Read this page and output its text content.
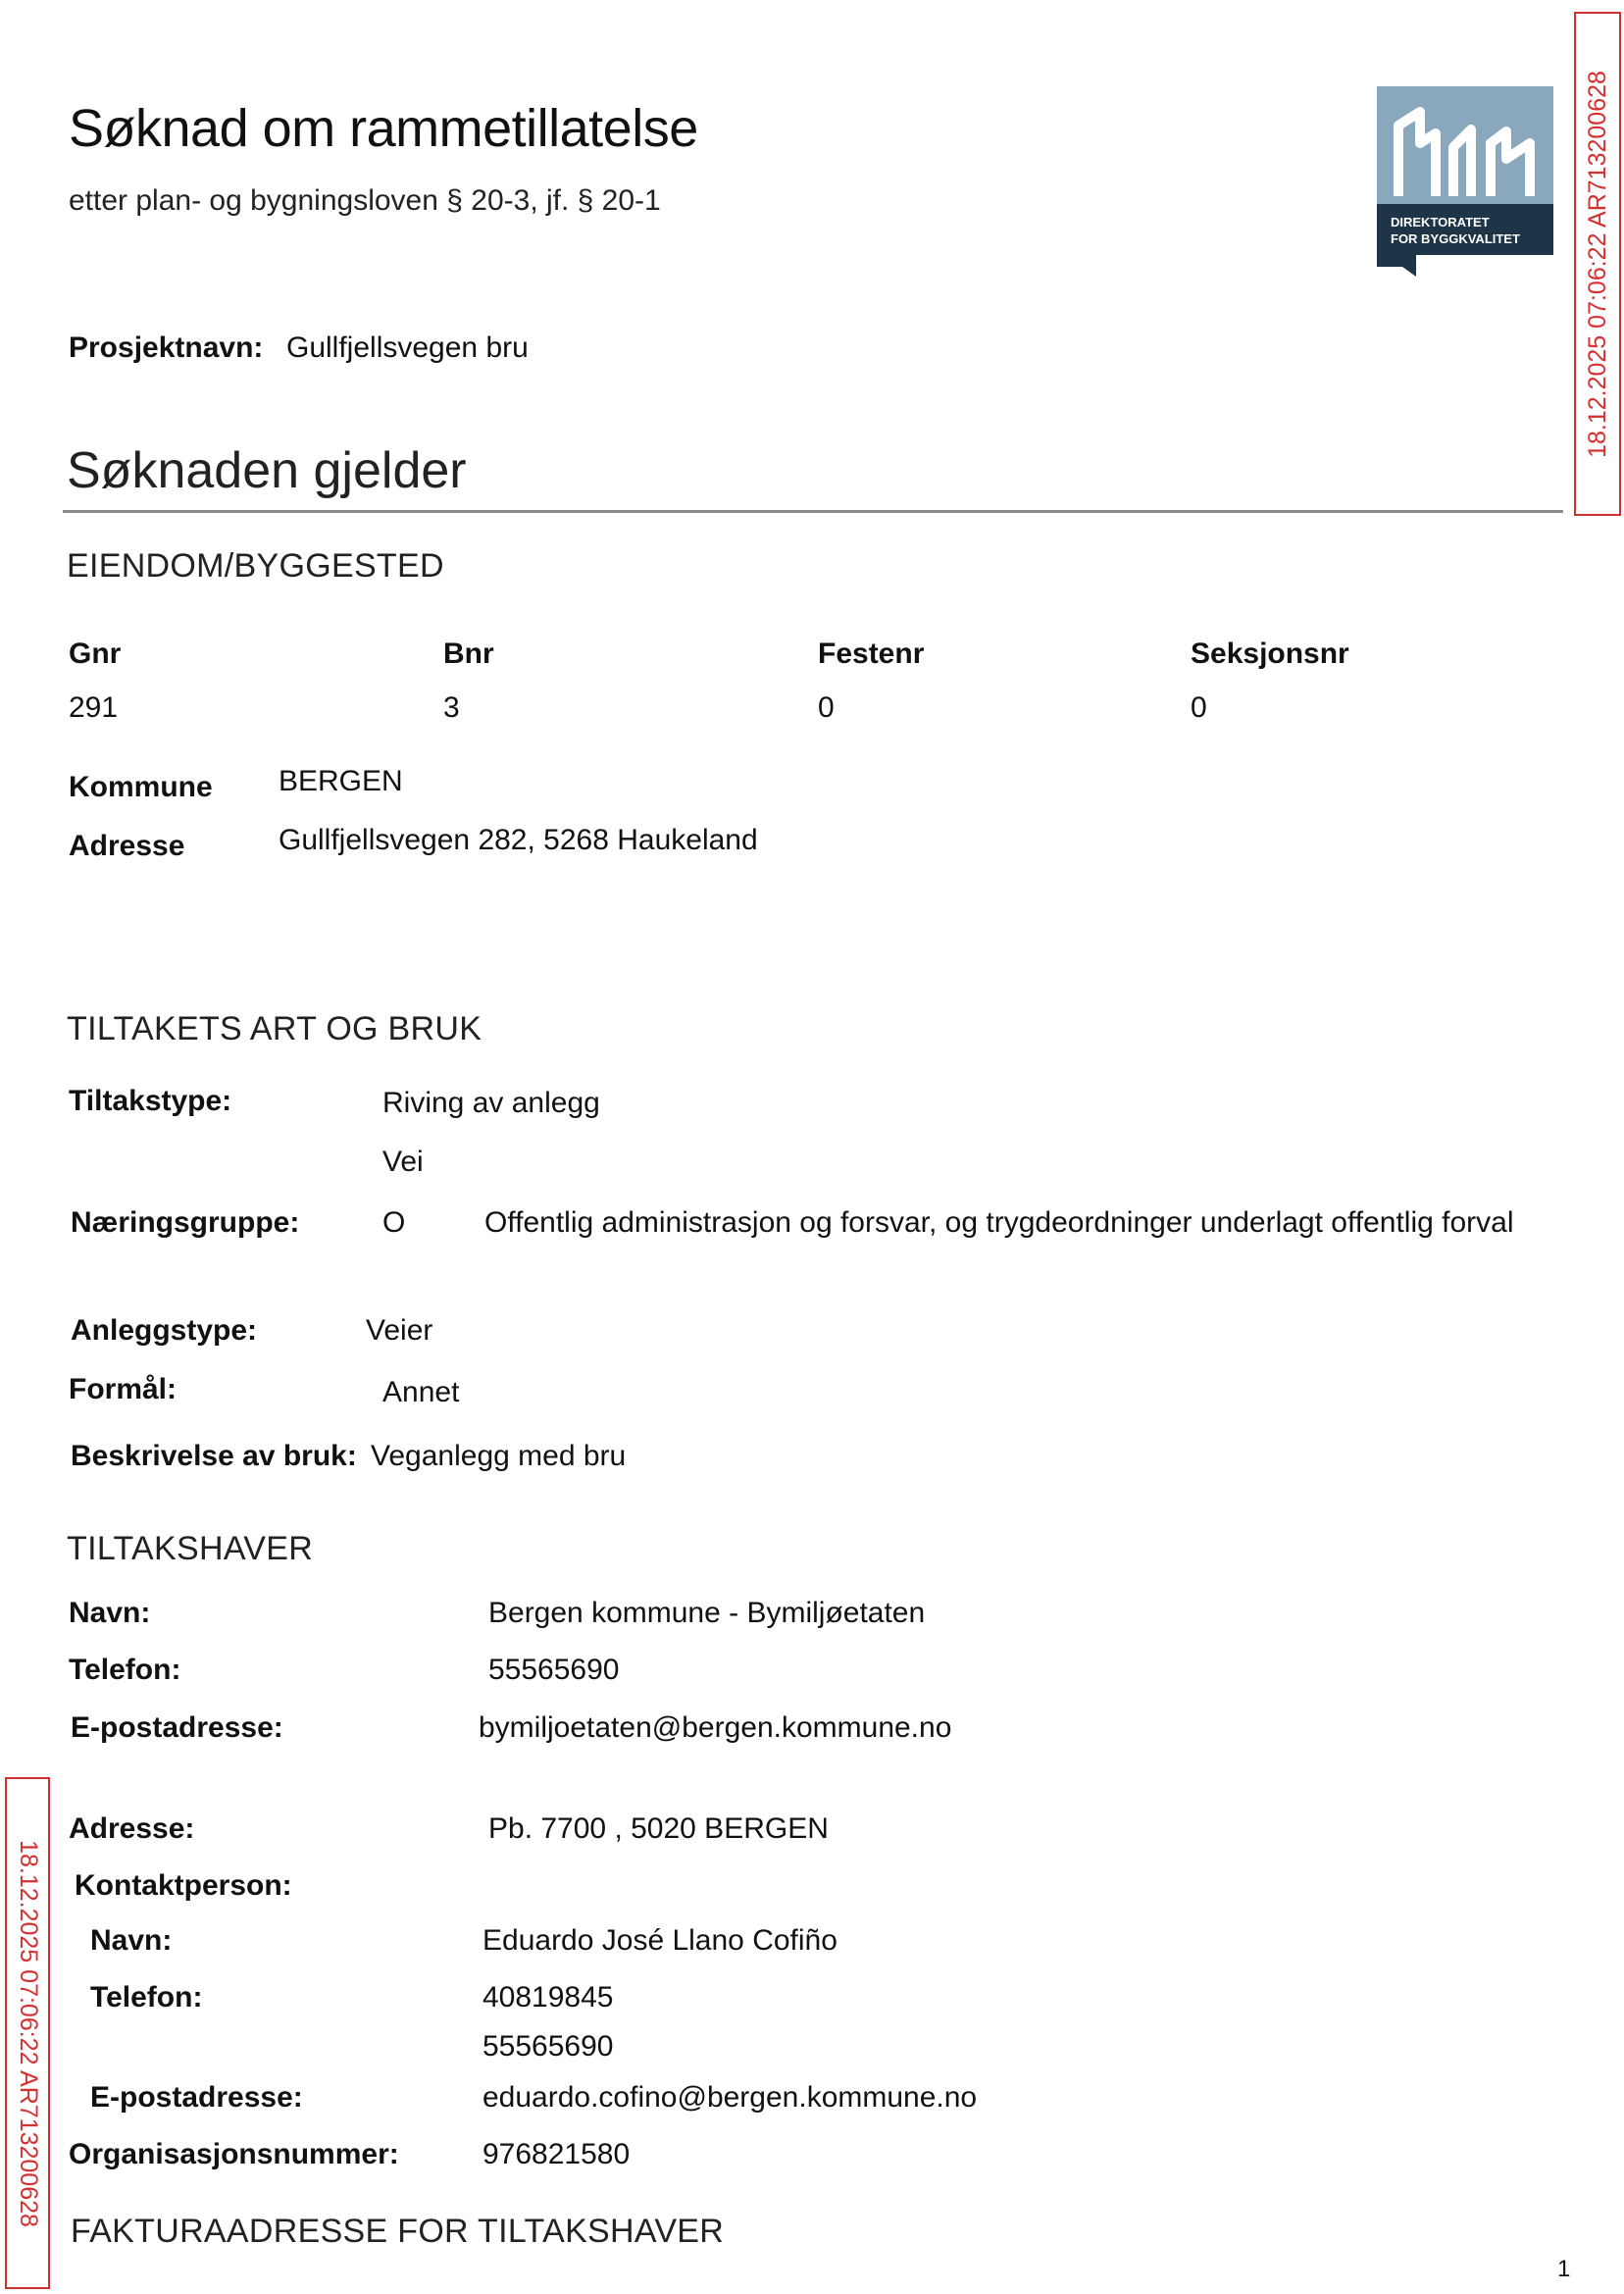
Søknad om rammetillatelse
etter plan- og bygningsloven § 20-3, jf. § 20-1
DIREKTORATET
FOR BYGGKVALITET	18.12.2025 07:06:22 AR713200628
18.12.2025 07:06:22 AR713200628
Prosjektnavn: Gullfjellsvegen bru
Søknaden gjelder
EIENDOM/BYGGESTED
Gnr	Bnr	Festenr	Seksjonsnr
291	3	0	0
Kommune BERGEN
Adresse	Gullfjellsvegen 282, 5268 Haukeland
TILTAKETS ART OG BRUK
Tiltakstype:	Riving av anlegg
Vei
Næringsgruppe:	O	Offentlig administrasjon og forsvar, og trygdeordninger underlagt offentlig forval
Anleggstype:	Veier
Formål:	Annet
Beskrivelse av bruk: Veganlegg med bru
TILTAKSHAVER
Navn:	Bergen kommune - Bymiljøetaten
Telefon:	55565690
E-postadresse:	bymiljoetaten@bergen.kommune.no
Adresse:	Pb. 7700 , 5020 BERGEN
Kontaktperson:
Navn:	Eduardo José Llano Cofiño
Telefon:	40819845
55565690
E-postadresse:	eduardo.cofino@bergen.kommune.no
Organisasjonsnummer:	976821580
FAKTURAADRESSE FOR TILTAKSHAVER
1
